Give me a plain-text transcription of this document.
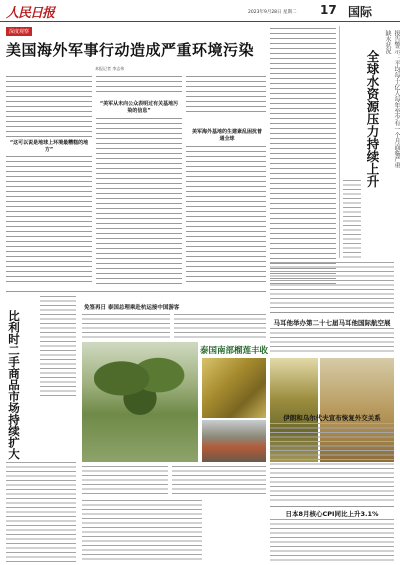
人民日报	2023年9月28日 星期二 17 国际
深度观察
美国海外军事行动造成严重环境污染
本报记者 李志伟
“这可以说是地球上环境最糟糕的地方”
“美军从未向公众表明过有关基地污染的信息”
美军海外基地的生建紊乱困扰普通全球	报告警示：平均每十亿人每年至少有一个月面临严重缺水状况
全球水资源压力持续上升
比利时二手商品市场持续扩大
免签再日 泰国总理乘赴杭运接中国游客
泰国南部榴莲丰收
马耳他举办第二十七届马耳他国际航空展
伊朗和乌尔代夫宣布恢复外交关系
日本8月核心CPI同比上升3.1%
